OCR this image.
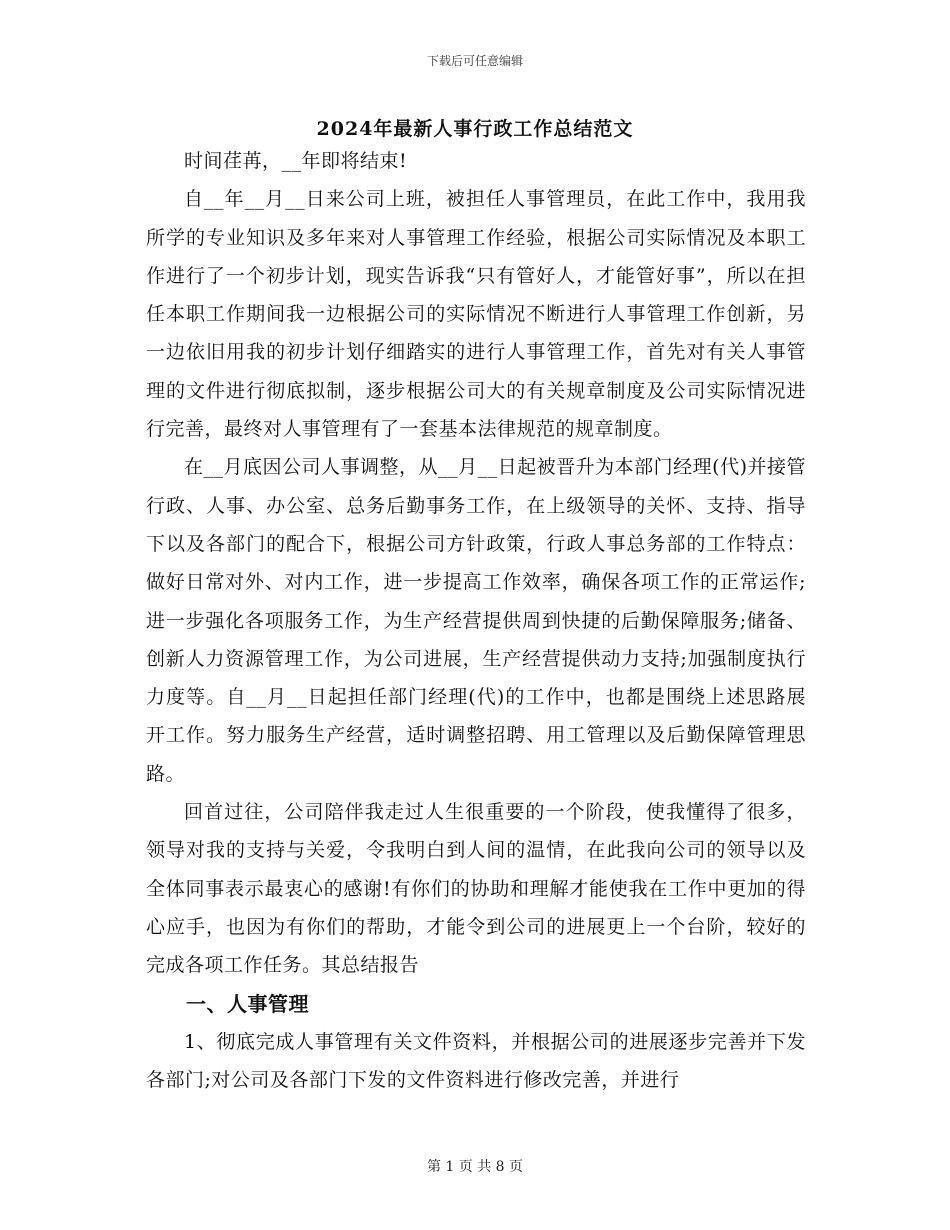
下载后可任意编辑
2024年最新人事行政工作总结范文

时间荏苒，__年即将结束!

自__年__月__日来公司上班，被担任人事管理员，在此工作中，我用我所学的专业知识及多年来对人事管理工作经验，根据公司实际情况及本职工作进行了一个初步计划，现实告诉我“只有管好人，才能管好事”，所以在担任本职工作期间我一边根据公司的实际情况不断进行人事管理工作创新，另一边依旧用我的初步计划仔细踏实的进行人事管理工作，首先对有关人事管理的文件进行彻底拟制，逐步根据公司大的有关规章制度及公司实际情况进行完善，最终对人事管理有了一套基本法律规范的规章制度。

在__月底因公司人事调整，从__月__日起被晋升为本部门经理(代)并接管行政、人事、办公室、总务后勤事务工作，在上级领导的关怀、支持、指导下以及各部门的配合下，根据公司方针政策，行政人事总务部的工作特点：做好日常对外、对内工作，进一步提高工作效率，确保各项工作的正常运作;进一步强化各项服务工作，为生产经营提供周到快捷的后勤保障服务;储备、创新人力资源管理工作，为公司进展，生产经营提供动力支持;加强制度执行力度等。自__月__日起担任部门经理(代)的工作中，也都是围绕上述思路展开工作。努力服务生产经营，适时调整招聘、用工管理以及后勤保障管理思路。

回首过往，公司陪伴我走过人生很重要的一个阶段，使我懂得了很多，领导对我的支持与关爱，令我明白到人间的温情，在此我向公司的领导以及全体同事表示最衷心的感谢!有你们的协助和理解才能使我在工作中更加的得心应手，也因为有你们的帮助，才能令到公司的进展更上一个台阶，较好的完成各项工作任务。其总结报告

一、人事管理

1、彻底完成人事管理有关文件资料，并根据公司的进展逐步完善并下发各部门;对公司及各部门下发的文件资料进行修改完善，并进行

第 1 页 共 8 页
